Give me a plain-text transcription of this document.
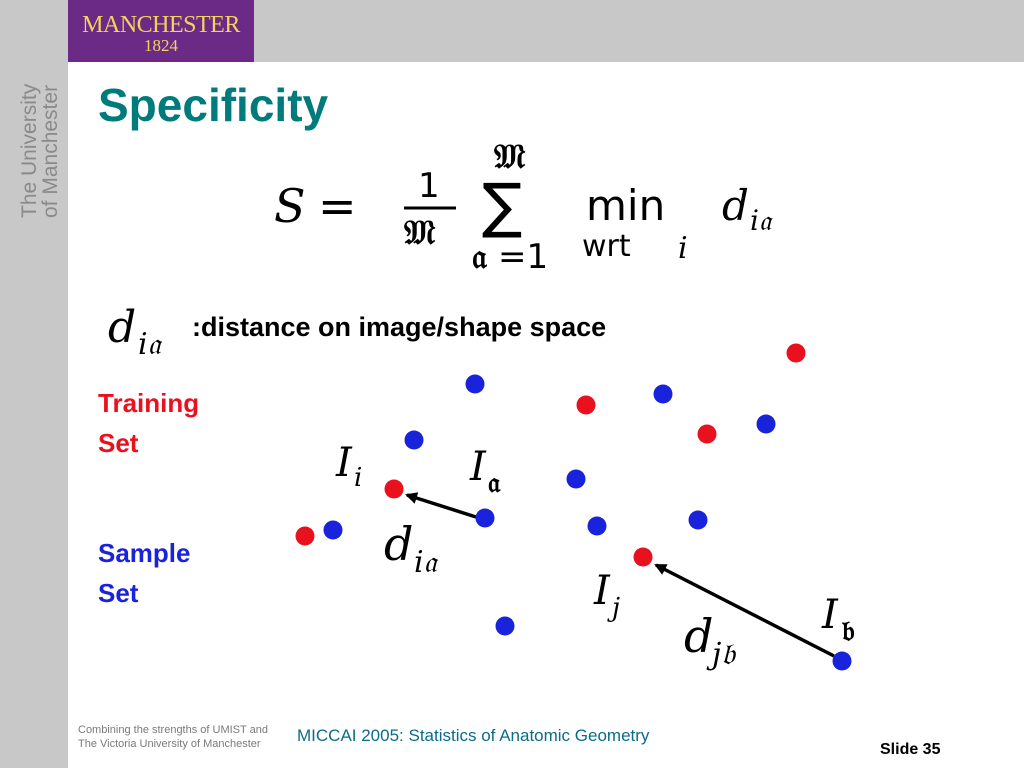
MANCHESTER
1824
The University
of Manchester Specificity
:distance on image/shape space
Training
Set
Sample
Set
S = 1
𝔐
𝔐
∑
𝔞 =1
min
wrt i
d i𝔞
d i𝔞
I i	I 𝔞
d i𝔞
I j	I 𝔟
d
j𝔟
Combining the strengths of UMIST and
The Victoria University of Manchester	MICCAI 2005: Statistics of Anatomic Geometry
Slide 35
